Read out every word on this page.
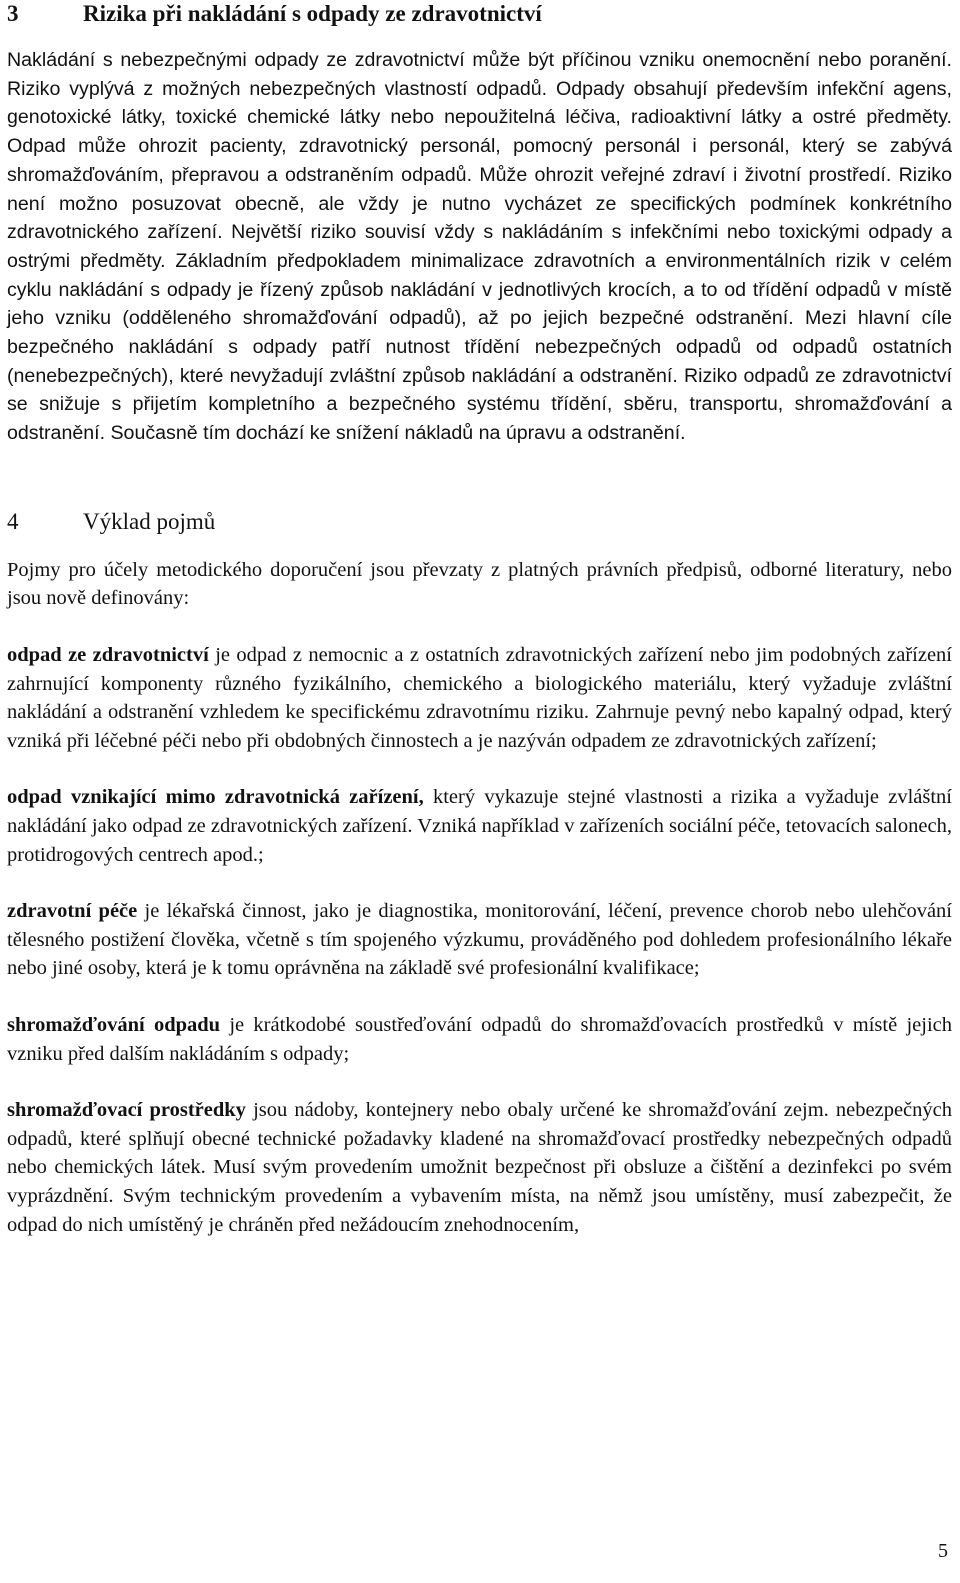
3	Rizika při nakládání s odpady ze zdravotnictví

Nakládání s nebezpečnými odpady ze zdravotnictví může být příčinou vzniku onemocnění nebo poranění. Riziko vyplývá z možných nebezpečných vlastností odpadů. Odpady obsahují především infekční agens, genotoxické látky, toxické chemické látky nebo nepoužitelná léčiva, radioaktivní látky a ostré předměty. Odpad může ohrozit pacienty, zdravotnický personál, pomocný personál i personál, který se zabývá shromažďováním, přepravou a odstraněním odpadů. Může ohrozit veřejné zdraví i životní prostředí. Riziko není možno posuzovat obecně, ale vždy je nutno vycházet ze specifických podmínek konkrétního zdravotnického zařízení. Největší riziko souvisí vždy s nakládáním s infekčními nebo toxickými odpady a ostrými předměty. Základním předpokladem minimalizace zdravotních a environmentálních rizik v celém cyklu nakládání s odpady je řízený způsob nakládání v jednotlivých krocích, a to od třídění odpadů v místě jeho vzniku (odděleného shromažďování odpadů), až po jejich bezpečné odstranění. Mezi hlavní cíle bezpečného nakládání s odpady patří nutnost třídění nebezpečných odpadů od odpadů ostatních (nenebezpečných), které nevyžadují zvláštní způsob nakládání a odstranění. Riziko odpadů ze zdravotnictví se snižuje s přijetím kompletního a bezpečného systému třídění, sběru, transportu, shromažďování a odstranění. Současně tím dochází ke snížení nákladů na úpravu a odstranění.

4	Výklad pojmů

Pojmy pro účely metodického doporučení jsou převzaty z platných právních předpisů, odborné literatury, nebo jsou nově definovány:

odpad ze zdravotnictví je odpad z nemocnic a z ostatních zdravotnických zařízení nebo jim podobných zařízení zahrnující komponenty různého fyzikálního, chemického a biologického materiálu, který vyžaduje zvláštní nakládání a odstranění vzhledem ke specifickému zdravotnímu riziku. Zahrnuje pevný nebo kapalný odpad, který vzniká při léčebné péči nebo při obdobných činnostech a je nazýván odpadem ze zdravotnických zařízení;

odpad vznikající mimo zdravotnická zařízení, který vykazuje stejné vlastnosti a rizika a vyžaduje zvláštní nakládání jako odpad ze zdravotnických zařízení. Vzniká například v zařízeních sociální péče, tetovacích salonech, protidrogových centrech apod.;

zdravotní péče je lékařská činnost, jako je diagnostika, monitorování, léčení, prevence chorob nebo ulehčování tělesného postižení člověka, včetně s tím spojeného výzkumu, prováděného pod dohledem profesionálního lékaře nebo jiné osoby, která je k tomu oprávněna na základě své profesionální kvalifikace;

shromažďování odpadu je krátkodobé soustřeďování odpadů do shromažďovacích prostředků v místě jejich vzniku před dalším nakládáním s odpady;

shromažďovací prostředky jsou nádoby, kontejnery nebo obaly určené ke shromažďování zejm. nebezpečných odpadů, které splňují obecné technické požadavky kladené na shromažďovací prostředky nebezpečných odpadů nebo chemických látek. Musí svým provedením umožnit bezpečnost při obsluze a čištění a dezinfekci po svém vyprázdnění. Svým technickým provedením a vybavením místa, na němž jsou umístěny, musí zabezpečit, že odpad do nich umístěný je chráněn před nežádoucím znehodnocením,

5
